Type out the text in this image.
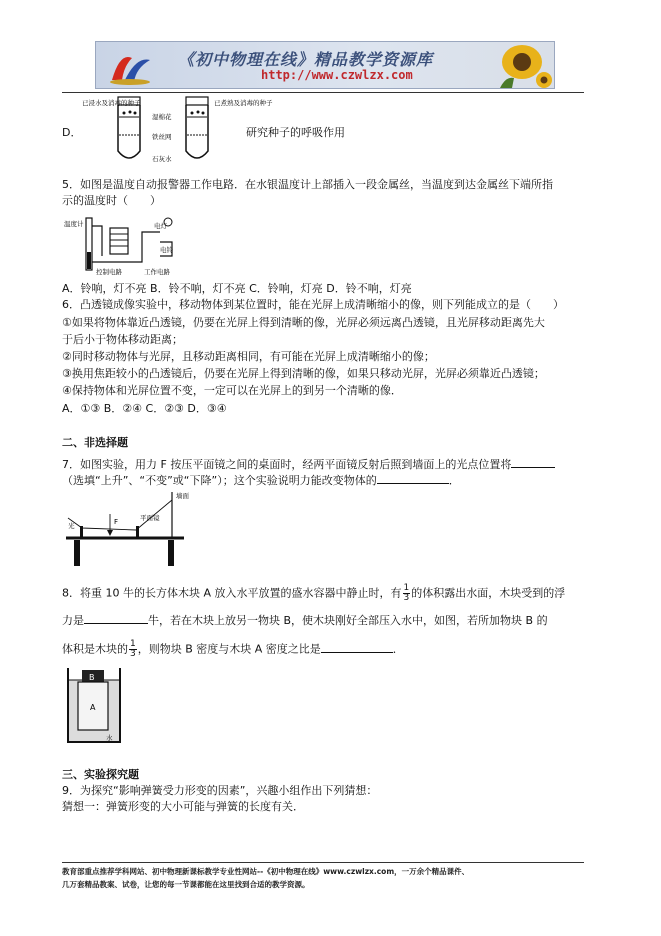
《初中物理在线》精品教学资源库
http://www.czwlzx.com
D．
已浸水及消毒的种子
湿棉花
铁丝网
石灰水
已煮熟及消毒的种子
研究种子的呼吸作用
5．如图是温度自动报警器工作电路．在水银温度计上部插入一段金属丝，当温度到达金属丝下端所指
示的温度时（　　）
温度计	电灯
电铃
控制电路	工作电路
A．铃响，灯不亮 B．铃不响，灯不亮 C．铃响，灯亮 D．铃不响，灯亮
6．凸透镜成像实验中，移动物体到某位置时，能在光屏上成清晰缩小的像，则下列能成立的是（　　）
①如果将物体靠近凸透镜，仍要在光屏上得到清晰的像，光屏必须远离凸透镜，且光屏移动距离先大
于后小于物体移动距离；
②同时移动物体与光屏，且移动距离相同，有可能在光屏上成清晰缩小的像；
③换用焦距较小的凸透镜后，仍要在光屏上得到清晰的像，如果只移动光屏，光屏必须靠近凸透镜；
④保持物体和光屏位置不变，一定可以在光屏上的到另一个清晰的像．
A．①③ B．②④ C．②③ D．③④
二、非选择题
7．如图实验，用力 F 按压平面镜之间的桌面时，经两平面镜反射后照到墙面上的光点位置将
（选填“上升”、“不变”或“下降”）；这个实验说明力能改变物体的	．
墙面
平面镜
光	F
8．将重 10 牛的长方体木块 A 放入水平放置的盛水容器中静止时，有 $\frac{1}{3}$ 的体积露出水面，木块受到的浮
力是	牛，若在木块上放另一物块 B，使木块刚好全部压入水中，如图，若所加物块 B 的
体积是木块的 $\frac{1}{3}$ ，则物块 B 密度与木块 A 密度之比是	．
B
A
水
三、实验探究题
9．为探究“影响弹簧受力形变的因素”，兴趣小组作出下列猜想：
猜想一：弹簧形变的大小可能与弹簧的长度有关．
教育部重点推荐学科网站、初中物理新课标教学专业性网站--《初中物理在线》www.czwlzx.com，一万余个精品课件、
几万套精品教案、试卷，让您的每一节课都能在这里找到合适的教学资源。
